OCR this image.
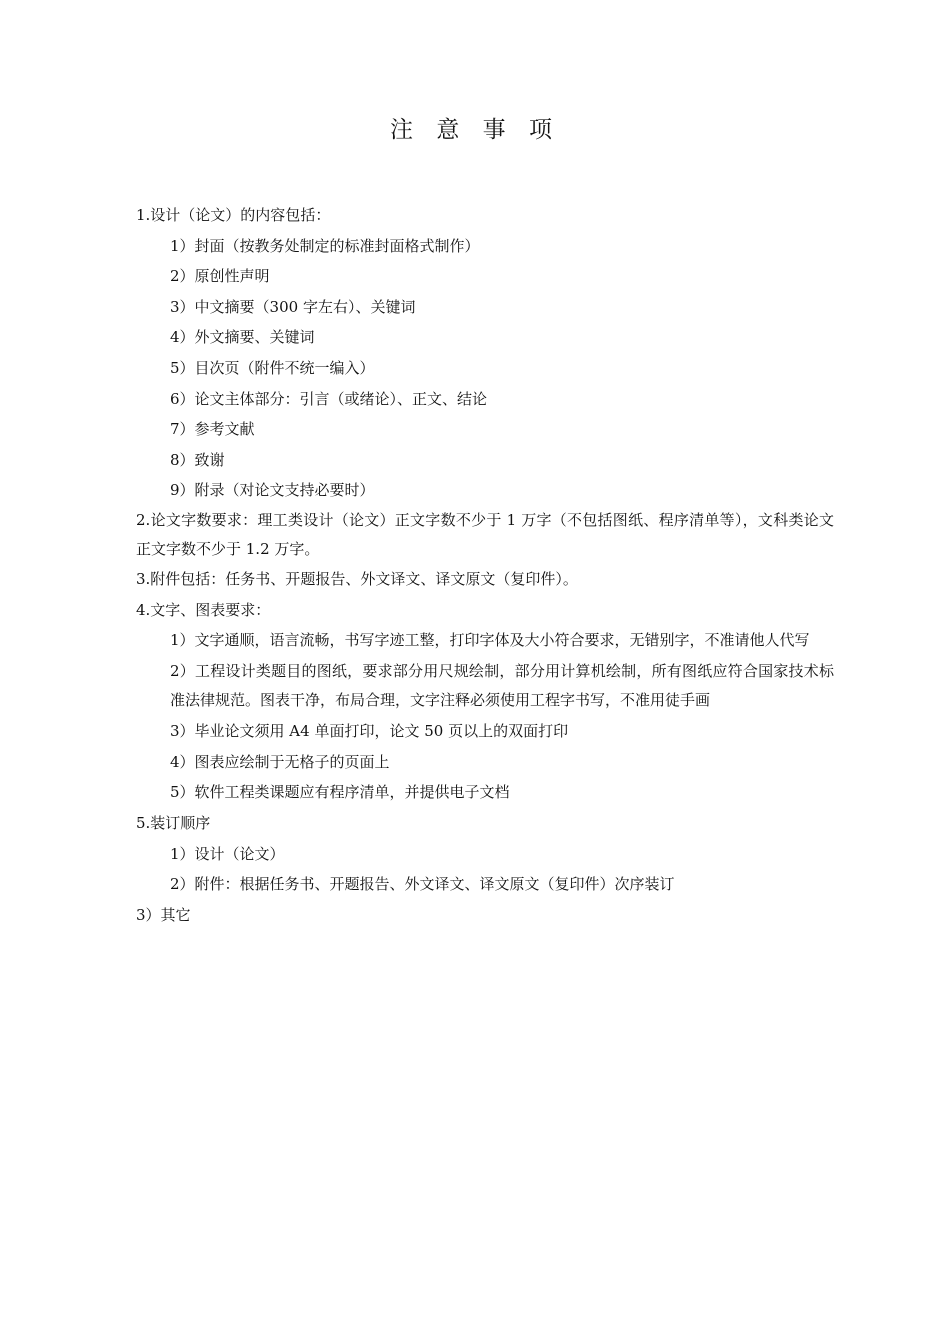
注 意 事 项

1.设计（论文）的内容包括：

1）封面（按教务处制定的标准封面格式制作）

2）原创性声明

3）中文摘要（300 字左右）、关键词

4）外文摘要、关键词

5）目次页（附件不统一编入）

6）论文主体部分：引言（或绪论）、正文、结论

7）参考文献

8）致谢

9）附录（对论文支持必要时）

2.论文字数要求：理工类设计（论文）正文字数不少于 1 万字（不包括图纸、程序清单等），文科类论文正文字数不少于 1.2 万字。

3.附件包括：任务书、开题报告、外文译文、译文原文（复印件）。

4.文字、图表要求：

1）文字通顺，语言流畅，书写字迹工整，打印字体及大小符合要求，无错别字，不准请他人代写

2）工程设计类题目的图纸，要求部分用尺规绘制，部分用计算机绘制，所有图纸应符合国家技术标准法律规范。图表干净，布局合理，文字注释必须使用工程字书写，不准用徒手画

3）毕业论文须用 A4 单面打印，论文 50 页以上的双面打印

4）图表应绘制于无格子的页面上

5）软件工程类课题应有程序清单，并提供电子文档

5.装订顺序

1）设计（论文）

2）附件：根据任务书、开题报告、外文译文、译文原文（复印件）次序装订

3）其它
